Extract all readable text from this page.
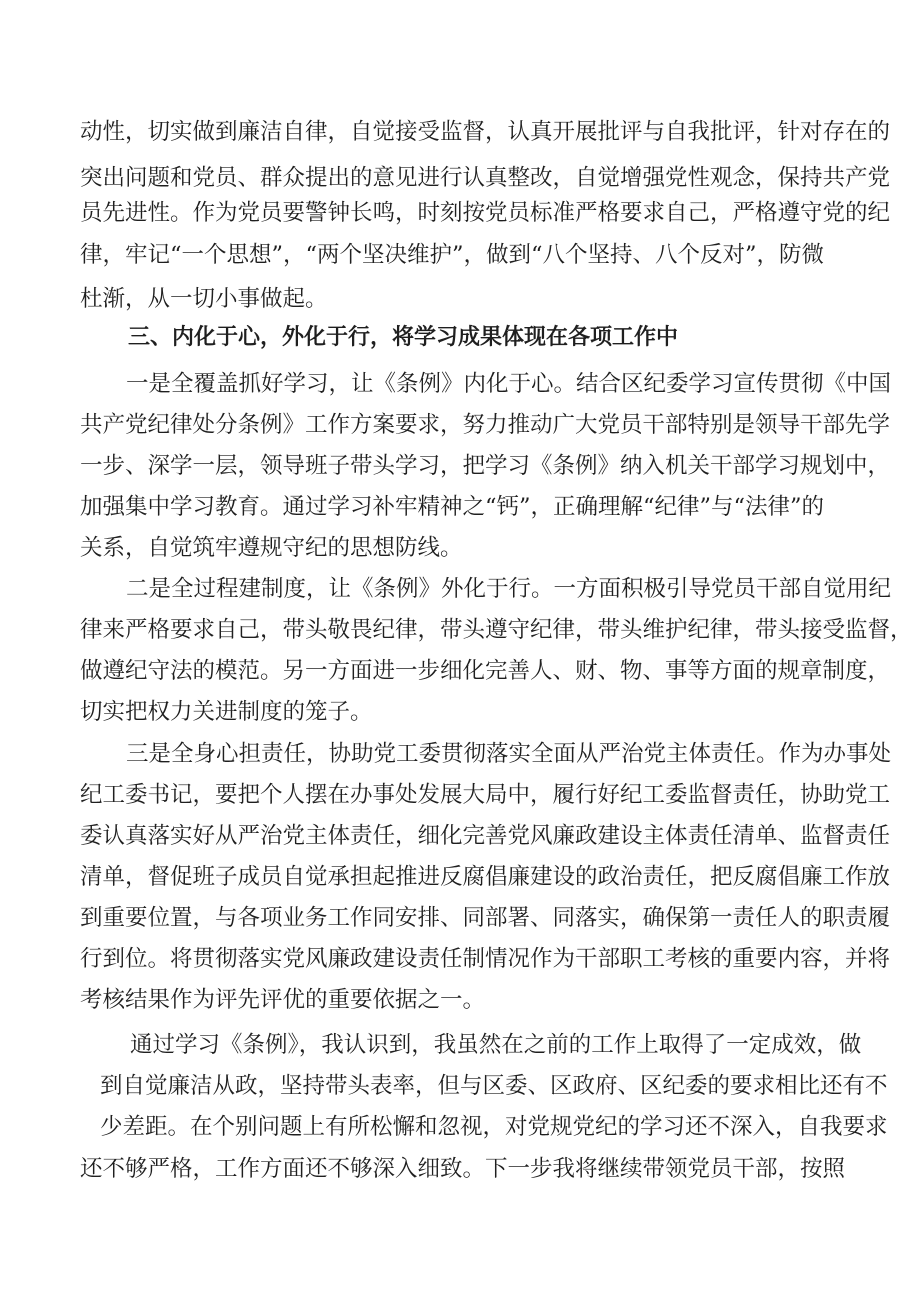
动性，切实做到廉洁自律，自觉接受监督，认真开展批评与自我批评，针对存在的
突出问题和党员、群众提出的意见进行认真整改，自觉增强党性观念，保持共产党
员先进性。作为党员要警钟长鸣，时刻按党员标准严格要求自己，严格遵守党的纪
律，牢记“一个思想”，“两个坚决维护”，做到“八个坚持、八个反对”，防微
杜渐，从一切小事做起。
三、内化于心，外化于行，将学习成果体现在各项工作中
一是全覆盖抓好学习，让《条例》内化于心。结合区纪委学习宣传贯彻《中国
共产党纪律处分条例》工作方案要求，努力推动广大党员干部特别是领导干部先学
一步、深学一层，领导班子带头学习，把学习《条例》纳入机关干部学习规划中，
加强集中学习教育。通过学习补牢精神之“钙”，正确理解“纪律”与“法律”的
关系，自觉筑牢遵规守纪的思想防线。
二是全过程建制度，让《条例》外化于行。一方面积极引导党员干部自觉用纪
律来严格要求自己，带头敬畏纪律，带头遵守纪律，带头维护纪律，带头接受监督，
做遵纪守法的模范。另一方面进一步细化完善人、财、物、事等方面的规章制度，
切实把权力关进制度的笼子。
三是全身心担责任，协助党工委贯彻落实全面从严治党主体责任。作为办事处
纪工委书记，要把个人摆在办事处发展大局中，履行好纪工委监督责任，协助党工
委认真落实好从严治党主体责任，细化完善党风廉政建设主体责任清单、监督责任
清单，督促班子成员自觉承担起推进反腐倡廉建设的政治责任，把反腐倡廉工作放
到重要位置，与各项业务工作同安排、同部署、同落实，确保第一责任人的职责履
行到位。将贯彻落实党风廉政建设责任制情况作为干部职工考核的重要内容，并将
考核结果作为评先评优的重要依据之一。
通过学习《条例》，我认识到，我虽然在之前的工作上取得了一定成效，做
到自觉廉洁从政，坚持带头表率，但与区委、区政府、区纪委的要求相比还有不
少差距。在个别问题上有所松懈和忽视，对党规党纪的学习还不深入，自我要求
还不够严格，工作方面还不够深入细致。下一步我将继续带领党员干部，按照
